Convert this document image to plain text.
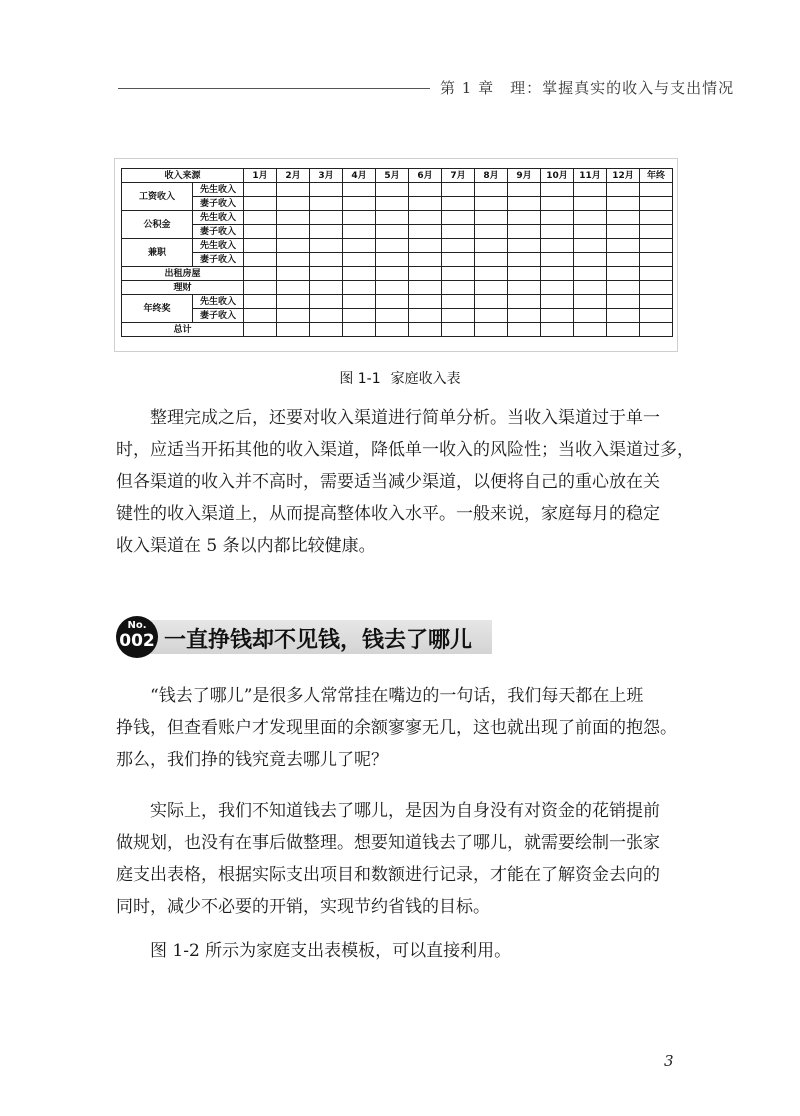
第 1 章　理：掌握真实的收入与支出情况
收入来源		1月	2月	3月	4月	5月	6月	7月	8月	9月	10月	11月	12月	年终
工资收入	先生收入													
	妻子收入													
公积金	先生收入													
	妻子收入													
兼职	先生收入													
	妻子收入													
出租房屋														
理财														
年终奖	先生收入													
	妻子收入													
总计														
图 1-1 家庭收入表
整理完成之后，还要对收入渠道进行简单分析。当收入渠道过于单一
时，应适当开拓其他的收入渠道，降低单一收入的风险性；当收入渠道过多，
但各渠道的收入并不高时，需要适当减少渠道，以便将自己的重心放在关
键性的收入渠道上，从而提高整体收入水平。一般来说，家庭每月的稳定
收入渠道在 5 条以内都比较健康。
No.
002 一直挣钱却不见钱，钱去了哪儿
“钱去了哪儿”是很多人常常挂在嘴边的一句话，我们每天都在上班
挣钱，但查看账户才发现里面的余额寥寥无几，这也就出现了前面的抱怨。
那么，我们挣的钱究竟去哪儿了呢？
实际上，我们不知道钱去了哪儿，是因为自身没有对资金的花销提前
做规划，也没有在事后做整理。想要知道钱去了哪儿，就需要绘制一张家
庭支出表格，根据实际支出项目和数额进行记录，才能在了解资金去向的
同时，减少不必要的开销，实现节约省钱的目标。
图 1-2 所示为家庭支出表模板，可以直接利用。
3
